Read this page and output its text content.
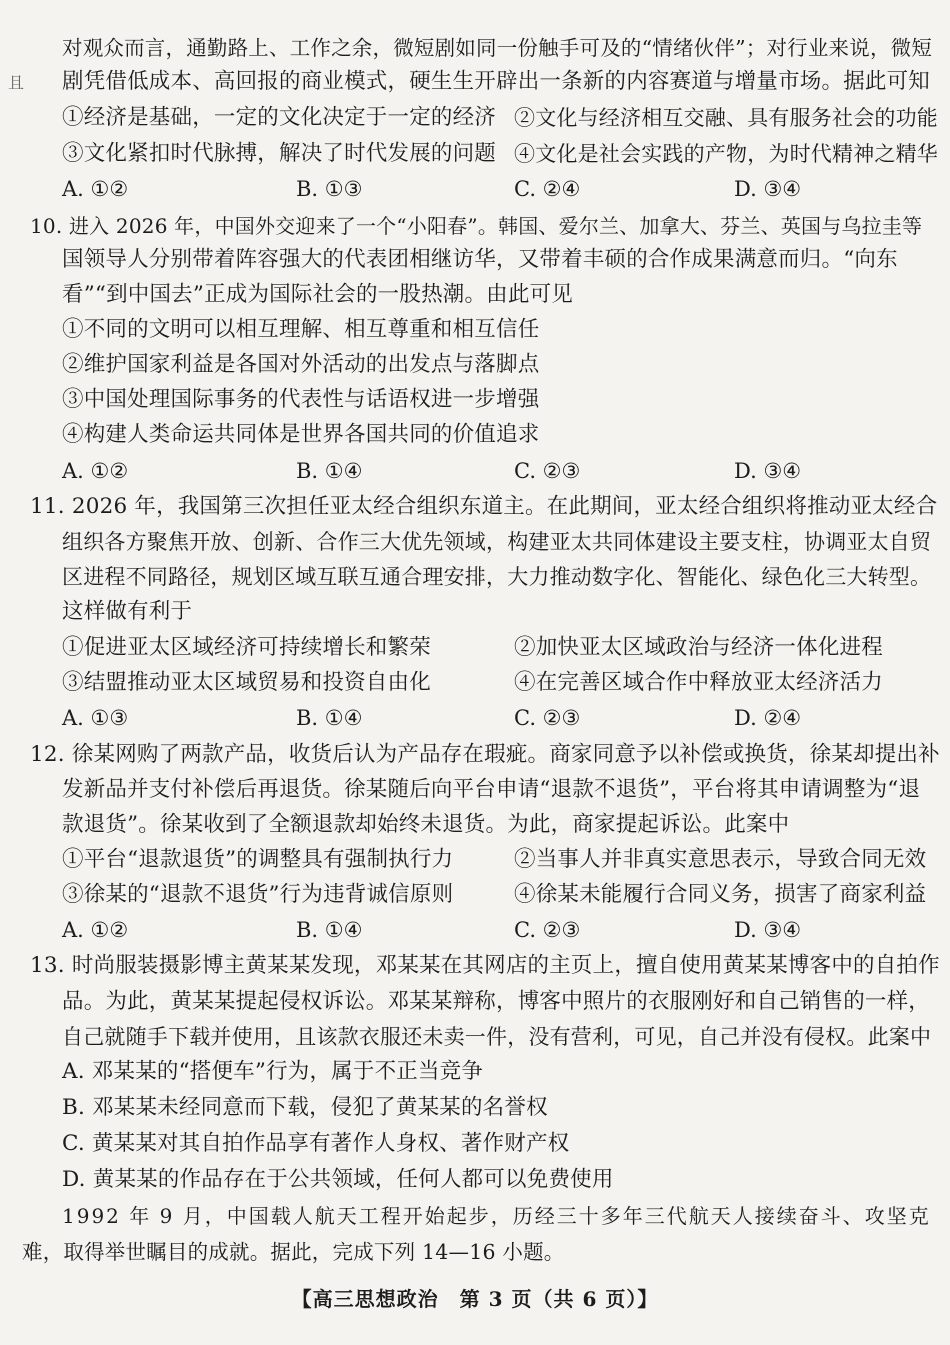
对观众而言，通勤路上、工作之余，微短剧如同一份触手可及的“情绪伙伴”；对行业来说，微短
且 剧凭借低成本、高回报的商业模式，硬生生开辟出一条新的内容赛道与增量市场。据此可知
①经济是基础，一定的文化决定于一定的经济 ②文化与经济相互交融、具有服务社会的功能
③文化紧扣时代脉搏，解决了时代发展的问题 ④文化是社会实践的产物，为时代精神之精华
A. ①②	B. ①③	C. ②④	D. ③④
10. 进入 2026 年，中国外交迎来了一个“小阳春”。韩国、爱尔兰、加拿大、芬兰、英国与乌拉圭等
国领导人分别带着阵容强大的代表团相继访华，又带着丰硕的合作成果满意而归。“向东
看”“到中国去”正成为国际社会的一股热潮。由此可见
①不同的文明可以相互理解、相互尊重和相互信任
②维护国家利益是各国对外活动的出发点与落脚点
③中国处理国际事务的代表性与话语权进一步增强
④构建人类命运共同体是世界各国共同的价值追求
A. ①②	B. ①④	C. ②③	D. ③④
11. 2026 年，我国第三次担任亚太经合组织东道主。在此期间，亚太经合组织将推动亚太经合
组织各方聚焦开放、创新、合作三大优先领域，构建亚太共同体建设主要支柱，协调亚太自贸
区进程不同路径，规划区域互联互通合理安排，大力推动数字化、智能化、绿色化三大转型。
这样做有利于
①促进亚太区域经济可持续增长和繁荣	②加快亚太区域政治与经济一体化进程
③结盟推动亚太区域贸易和投资自由化	④在完善区域合作中释放亚太经济活力
A. ①③	B. ①④	C. ②③	D. ②④
12. 徐某网购了两款产品，收货后认为产品存在瑕疵。商家同意予以补偿或换货，徐某却提出补
发新品并支付补偿后再退货。徐某随后向平台申请“退款不退货”，平台将其申请调整为“退
款退货”。徐某收到了全额退款却始终未退货。为此，商家提起诉讼。此案中
①平台“退款退货”的调整具有强制执行力	②当事人并非真实意思表示，导致合同无效
③徐某的“退款不退货”行为违背诚信原则	④徐某未能履行合同义务，损害了商家利益
A. ①②	B. ①④	C. ②③	D. ③④
13. 时尚服装摄影博主黄某某发现，邓某某在其网店的主页上，擅自使用黄某某博客中的自拍作
品。为此，黄某某提起侵权诉讼。邓某某辩称，博客中照片的衣服刚好和自己销售的一样，
自己就随手下载并使用，且该款衣服还未卖一件，没有营利，可见，自己并没有侵权。此案中
A. 邓某某的“搭便车”行为，属于不正当竞争
B. 邓某某未经同意而下载，侵犯了黄某某的名誉权
C. 黄某某对其自拍作品享有著作人身权、著作财产权
D. 黄某某的作品存在于公共领域，任何人都可以免费使用
1992 年 9 月，中国载人航天工程开始起步，历经三十多年三代航天人接续奋斗、攻坚克
难，取得举世瞩目的成就。据此，完成下列 14—16 小题。
【高三思想政治　第 3 页（共 6 页）】
